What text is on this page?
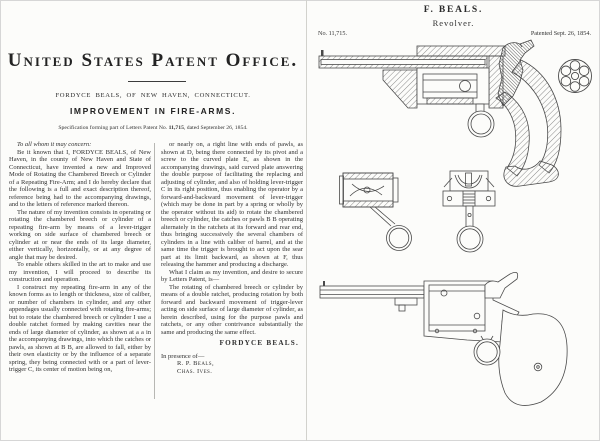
United States Patent Office.
FORDYCE BEALS, OF NEW HAVEN, CONNECTICUT.
IMPROVEMENT IN FIRE-ARMS.
Specification forming part of Letters Patent No. 11,715, dated September 26, 1854.

To all whom it may concern:

Be it known that I, FORDYCE BEALS, of New Haven, in the county of New Haven and State of Connecticut, have invented a new and Improved Mode of Rotating the Chambered Breech or Cylinder of a Repeating Fire-Arm; and I do hereby declare that the following is a full and exact description thereof, reference being had to the accompanying drawings, and to the letters of reference marked thereon.

The nature of my invention consists in operating or rotating the chambered breech or cylinder of a repeating fire-arm by means of a lever-trigger working on side surface of chambered breech or cylinder at or near the ends of its large diameter, either vertically, horizontally, or at any degree of angle that may be desired.

To enable others skilled in the art to make and use my invention, I will proceed to describe its construction and operation.

I construct my repeating fire-arm in any of the known forms as to length or thickness, size of caliber, or number of chambers in cylinder, and any other appendages usually connected with rotating fire-arms; but to rotate the chambered breech or cylinder I use a double ratchet formed by making cavities near the ends of large diameter of cylinder, as shown at a a in the accompanying drawings, into which the catches or pawls, as shown at B B, are allowed to fall, either by their own elasticity or by the influence of a separate spring, they being connected with or a part of lever-trigger C, its center of motion being on,

or nearly on, a right line with ends of pawls, as shown at D, being there connected by its pivot and a screw to the curved plate E, as shown in the accompanying drawings, said curved plate answering the double purpose of facilitating the replacing and adjusting of cylinder, and also of holding lever-trigger C in its right position, thus enabling the operator by a forward-and-backward movement of lever-trigger (which may be done in part by a spring or wholly by the operator without its aid) to rotate the chambered breech or cylinder, the catches or pawls B B operating alternately in the ratchets at its forward and rear end, thus bringing successively the several chambers of cylinders in a line with caliber of barrel, and at the same time the trigger is brought to act upon the sear part at its limit backward, as shown at F, thus releasing the hammer and producing a discharge.

What I claim as my invention, and desire to secure by Letters Patent, is—

The rotating of chambered breech or cylinder by means of a double ratchet, producing rotation by both forward and backward movement of trigger-lever acting on side surface of large diameter of cylinder, as herein described, using for the purpose pawls and ratchets, or any other contrivance substantially the same and producing the same effect.

FORDYCE BEALS.
In presence of—
R. P. Beals,
Chas. Ives.
F. BEALS.
Revolver.
No. 11,715.	Patented Sept. 26, 1854.
